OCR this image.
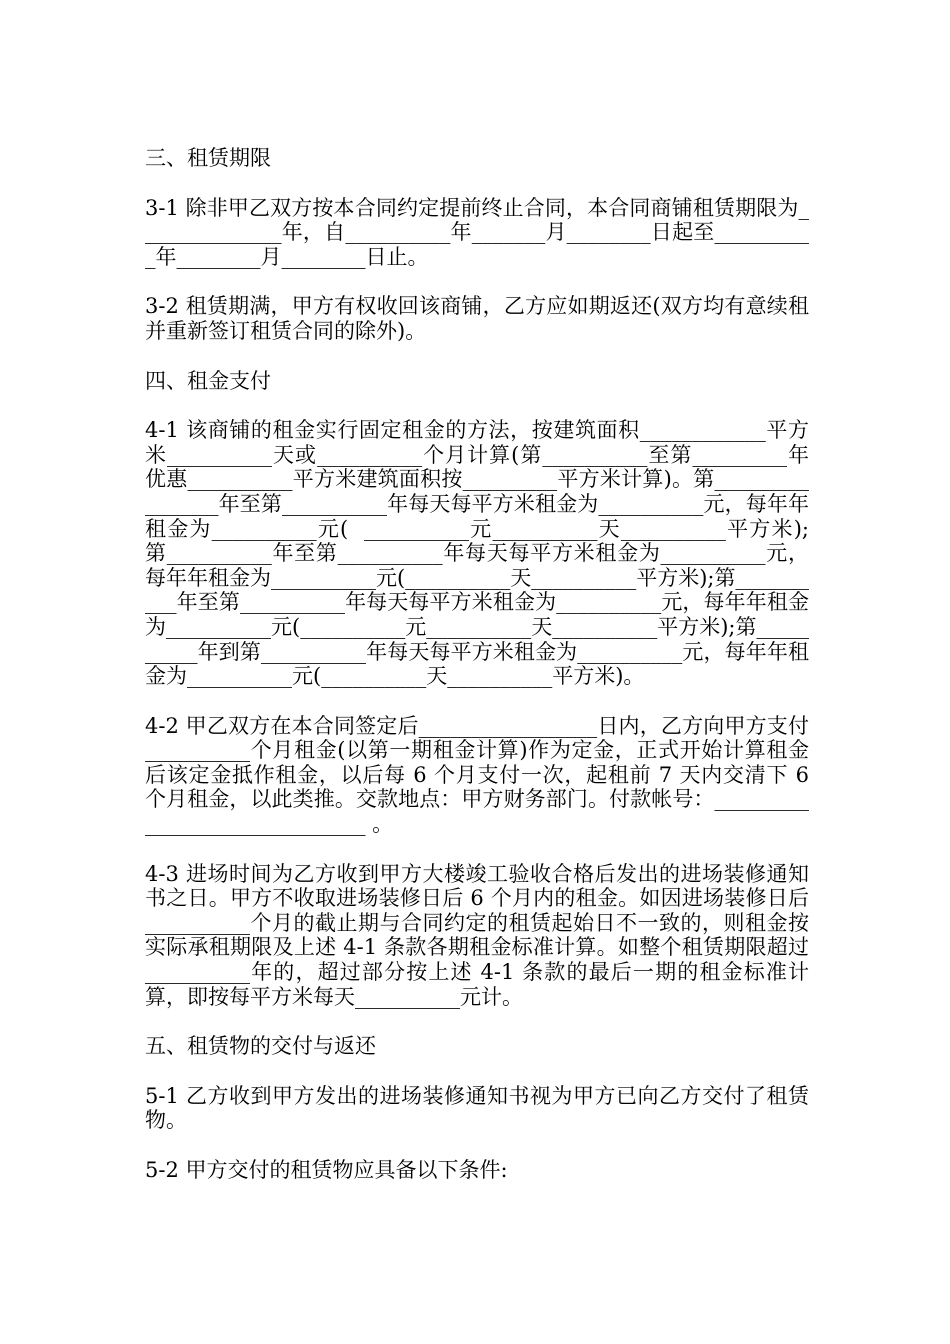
三、租赁期限
3-1 除非甲乙双方按本合同约定提前终止合同，本合同商铺租赁期限为______________年，自__________年_______月________日起至__________年________月________日止。
3-2 租赁期满，甲方有权收回该商铺，乙方应如期返还(双方均有意续租并重新签订租赁合同的除外)。
四、租金支付
4-1 该商铺的租金实行固定租金的方法，按建筑面积____________平方米__________天或__________个月计算(第__________至第_________年优惠__________平方米建筑面积按_________平方米计算)。第________________年至第__________年每天每平方米租金为__________元，每年年租金为__________元(  __________元__________天__________平方米);第__________年至第__________年每天每平方米租金为__________元，每年年租金为__________元(__________天__________平方米);第__________年至第__________年每天每平方米租金为__________元，每年年租金为__________元(__________元__________天__________平方米);第__________年到第__________年每天每平方米租金为__________元，每年年租金为__________元(__________天__________平方米)。
4-2 甲乙双方在本合同签定后_________________日内，乙方向甲方支付__________个月租金(以第一期租金计算)作为定金，正式开始计算租金后该定金抵作租金，以后每 6 个月支付一次，起租前 7 天内交清下 6 个月租金，以此类推。交款地点：甲方财务部门。付款帐号：______________________________ 。
4-3 进场时间为乙方收到甲方大楼竣工验收合格后发出的进场装修通知书之日。甲方不收取进场装修日后 6 个月内的租金。如因进场装修日后__________个月的截止期与合同约定的租赁起始日不一致的，则租金按实际承租期限及上述 4-1 条款各期租金标准计算。如整个租赁期限超过__________年的，超过部分按上述 4-1 条款的最后一期的租金标准计算，即按每平方米每天__________元计。
五、租赁物的交付与返还
5-1 乙方收到甲方发出的进场装修通知书视为甲方已向乙方交付了租赁物。
5-2 甲方交付的租赁物应具备以下条件:
